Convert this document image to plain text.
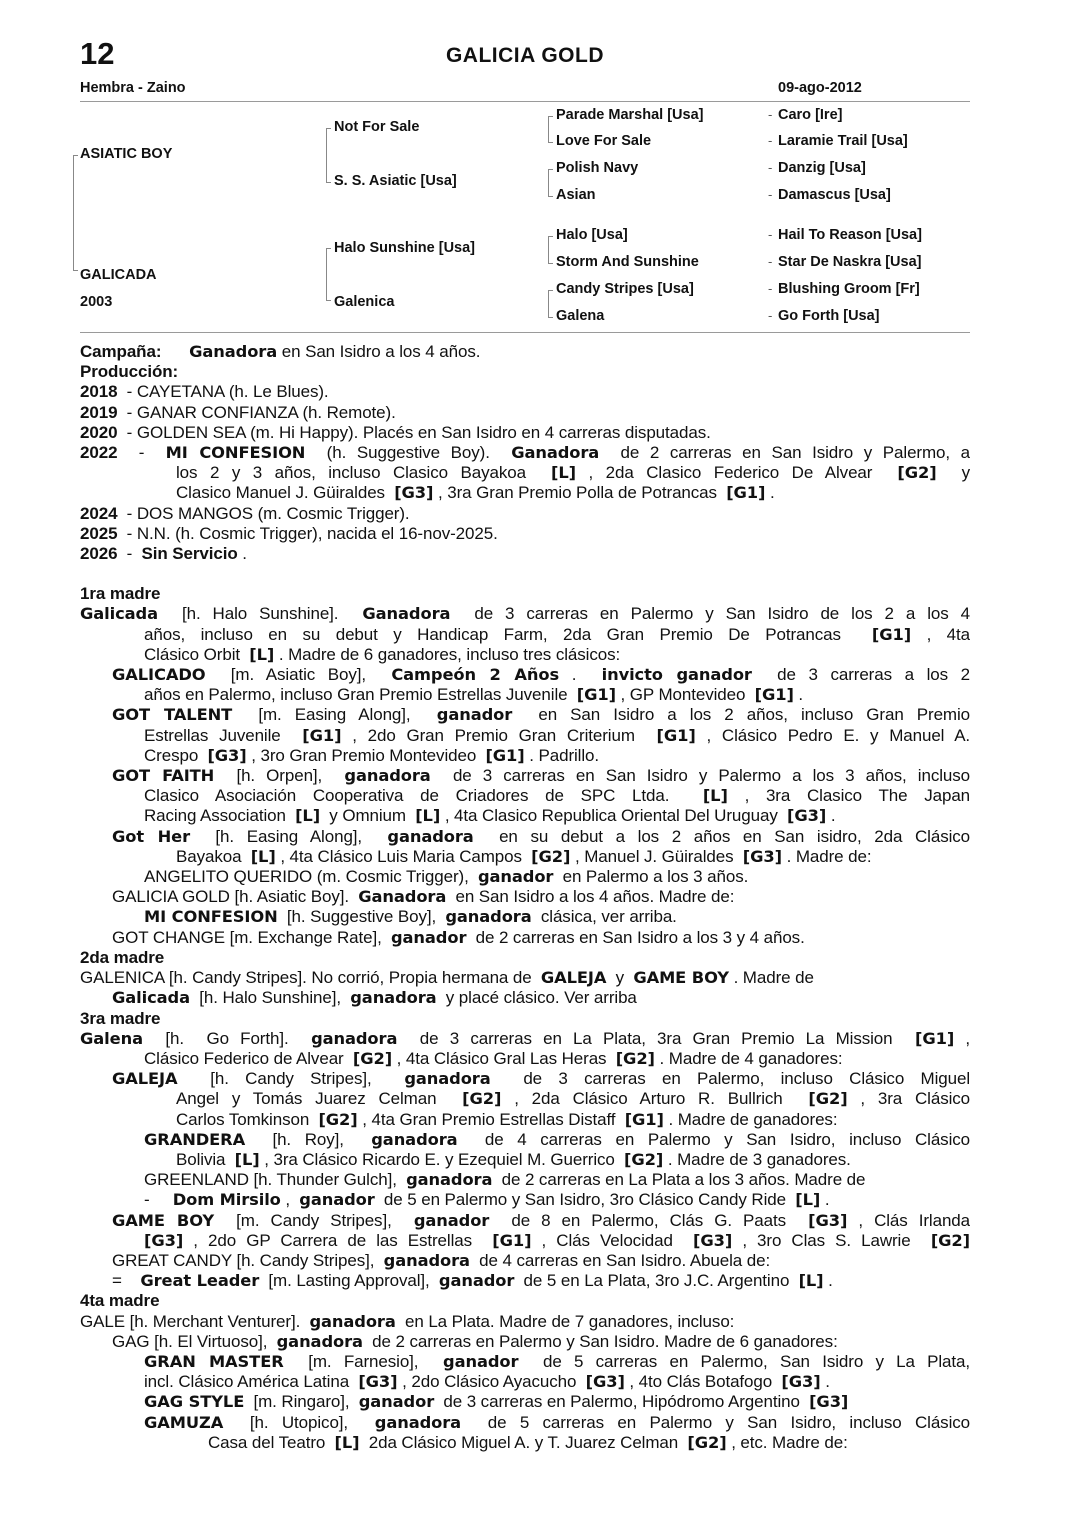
12	GALICIA GOLD
Hembra - Zaino	09-ago-2012
ASIATIC BOY
GALICADA
2003
Not For Sale
S. S. Asiatic [Usa]
Halo Sunshine [Usa]
Galenica
Parade Marshal [Usa]
Love For Sale
Polish Navy
Asian
Halo [Usa]
Storm And Sunshine
Candy Stripes [Usa]
Galena
-
-
-
-
-
-
-
-
Caro [Ire]
Laramie Trail [Usa]
Danzig [Usa]
Damascus [Usa]
Hail To Reason [Usa]
Star De Naskra [Usa]
Blushing Groom [Fr]
Go Forth [Usa]
Campaña:      Ganadora en San Isidro a los 4 años.
Producción:
2018  - CAYETANA (h. Le Blues).
2019  - GANAR CONFIANZA (h. Remote).
2020  - GOLDEN SEA (m. Hi Happy). Placés en San Isidro en 4 carreras disputadas.
2022  -  MI CONFESION  (h. Suggestive Boy).  Ganadora  de 2 carreras en San Isidro y Palermo, a
los 2 y 3 años, incluso Clasico Bayakoa  [L] , 2da Clasico Federico De Alvear  [G2]  y
Clasico Manuel J. Güiraldes  [G3] , 3ra Gran Premio Polla de Potrancas  [G1] .
2024  - DOS MANGOS (m. Cosmic Trigger).
2025  - N.N. (h. Cosmic Trigger), nacida el 16-nov-2025.
2026  -  Sin Servicio .
1ra madre
Galicada  [h. Halo Sunshine].  Ganadora  de 3 carreras en Palermo y San Isidro de los 2 a los 4
años, incluso en su debut y Handicap Farm, 2da Gran Premio De Potrancas  [G1] , 4ta
Clásico Orbit  [L] . Madre de 6 ganadores, incluso tres clásicos:
GALICADO  [m. Asiatic Boy],  Campeón 2 Años .  invicto ganador  de 3 carreras a los 2
años en Palermo, incluso Gran Premio Estrellas Juvenile  [G1] , GP Montevideo  [G1] .
GOT TALENT  [m. Easing Along],  ganador  en San Isidro a los 2 años, incluso Gran Premio
Estrellas Juvenile  [G1] , 2do Gran Premio Gran Criterium  [G1] , Clásico Pedro E. y Manuel A.
Crespo  [G3] , 3ro Gran Premio Montevideo  [G1] . Padrillo.
GOT FAITH  [h. Orpen],  ganadora  de 3 carreras en San Isidro y Palermo a los 3 años, incluso
Clasico Asociación Cooperativa de Criadores de SPC Ltda.  [L] , 3ra Clasico The Japan
Racing Association  [L]  y Omnium  [L] , 4ta Clasico Republica Oriental Del Uruguay  [G3] .
Got Her  [h. Easing Along],  ganadora  en su debut a los 2 años en San isidro, 2da Clásico
Bayakoa  [L] , 4ta Clásico Luis Maria Campos  [G2] , Manuel J. Güiraldes  [G3] . Madre de:
ANGELITO QUERIDO (m. Cosmic Trigger),  ganador  en Palermo a los 3 años.
GALICIA GOLD [h. Asiatic Boy].  Ganadora  en San Isidro a los 4 años. Madre de:
MI CONFESION  [h. Suggestive Boy],  ganadora  clásica, ver arriba.
GOT CHANGE [m. Exchange Rate],  ganador  de 2 carreras en San Isidro a los 3 y 4 años.
2da madre
GALENICA [h. Candy Stripes]. No corrió, Propia hermana de  GALEJA  y  GAME BOY . Madre de
Galicada  [h. Halo Sunshine],  ganadora  y placé clásico. Ver arriba
3ra madre
Galena  [h.  Go Forth].  ganadora  de 3 carreras en La Plata, 3ra Gran Premio La Mission  [G1] ,
Clásico Federico de Alvear  [G2] , 4ta Clásico Gral Las Heras  [G2] . Madre de 4 ganadores:
GALEJA  [h. Candy Stripes],  ganadora  de 3 carreras en Palermo, incluso Clásico Miguel
Angel y Tomás Juarez Celman  [G2] , 2da Clásico Arturo R. Bullrich  [G2] , 3ra Clásico
Carlos Tomkinson  [G2] , 4ta Gran Premio Estrellas Distaff  [G1] . Madre de ganadores:
GRANDERA  [h. Roy],  ganadora  de 4 carreras en Palermo y San Isidro, incluso Clásico
Bolivia  [L] , 3ra Clásico Ricardo E. y Ezequiel M. Guerrico  [G2] . Madre de 3 ganadores.
GREENLAND [h. Thunder Gulch],  ganadora  de 2 carreras en La Plata a los 3 años. Madre de
-     Dom Mirsilo ,  ganador  de 5 en Palermo y San Isidro, 3ro Clásico Candy Ride  [L] .
GAME BOY  [m. Candy Stripes],  ganador  de 8 en Palermo, Clás G. Paats  [G3] , Clás Irlanda
[G3] , 2do GP Carrera de las Estrellas  [G1] , Clás Velocidad  [G3] , 3ro Clas S. Lawrie  [G2]
GREAT CANDY [h. Candy Stripes],  ganadora  de 4 carreras en San Isidro. Abuela de:
=    Great Leader  [m. Lasting Approval],  ganador  de 5 en La Plata, 3ro J.C. Argentino  [L] .
4ta madre
GALE [h. Merchant Venturer].  ganadora  en La Plata. Madre de 7 ganadores, incluso:
GAG [h. El Virtuoso],  ganadora  de 2 carreras en Palermo y San Isidro. Madre de 6 ganadores:
GRAN MASTER  [m. Farnesio],  ganador  de 5 carreras en Palermo, San Isidro y La Plata,
incl. Clásico América Latina  [G3] , 2do Clásico Ayacucho  [G3] , 4to Clás Botafogo  [G3] .
GAG STYLE  [m. Ringaro],  ganador  de 3 carreras en Palermo, Hipódromo Argentino  [G3]
GAMUZA  [h. Utopico],  ganadora  de 5 carreras en Palermo y San Isidro, incluso Clásico
Casa del Teatro  [L]  2da Clásico Miguel A. y T. Juarez Celman  [G2] , etc. Madre de:
